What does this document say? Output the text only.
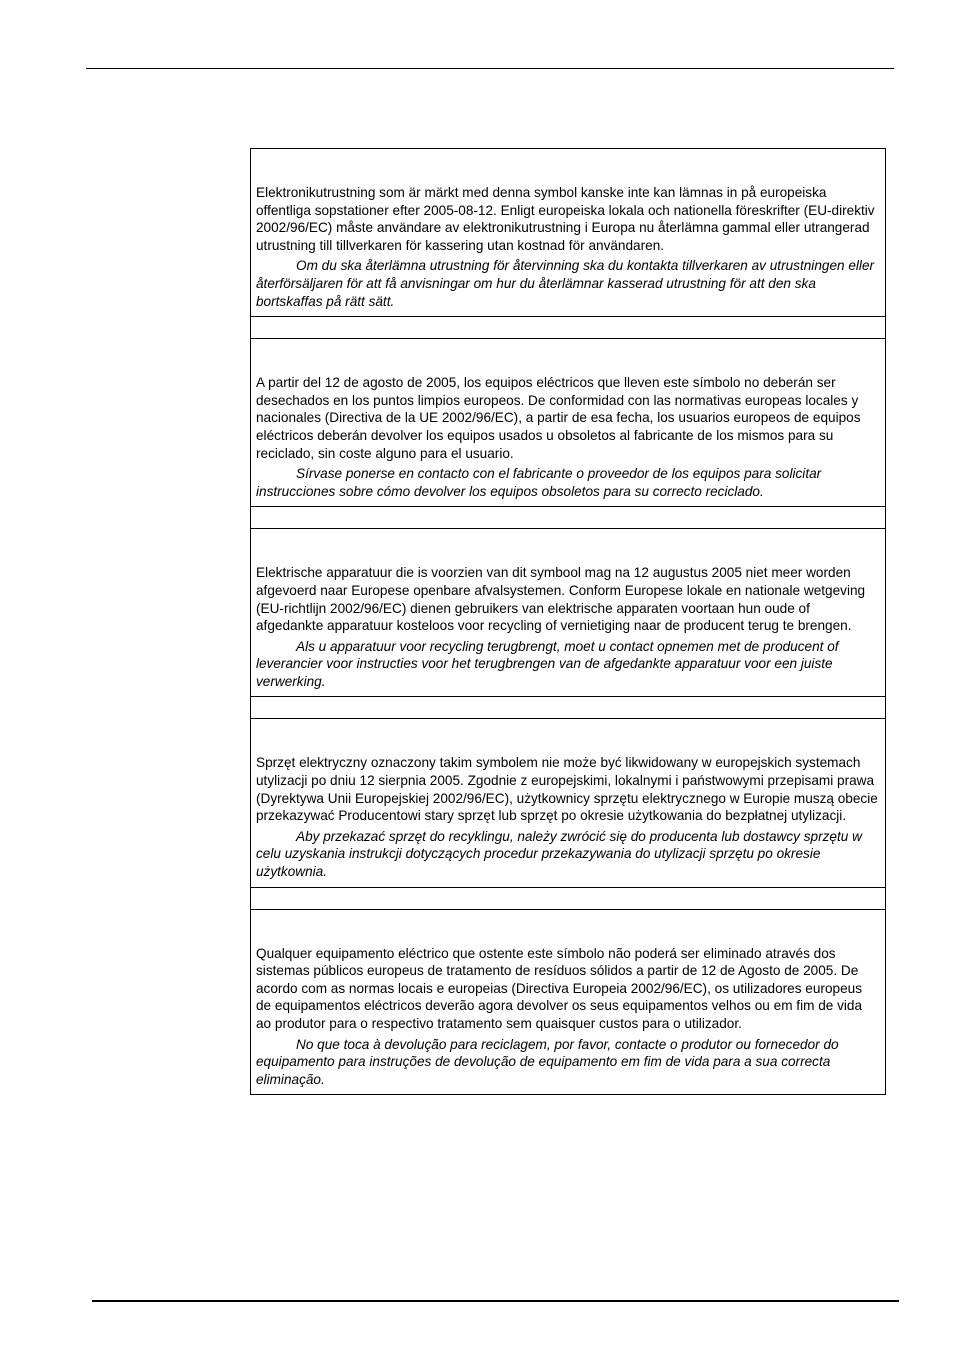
Elektronikutrustning som är märkt med denna symbol kanske inte kan lämnas in på europeiska offentliga sopstationer efter 2005-08-12. Enligt europeiska lokala och nationella föreskrifter (EU-direktiv 2002/96/EC) måste användare av elektronikutrustning i Europa nu återlämna gammal eller utrangerad utrustning till tillverkaren för kassering utan kostnad för användaren.

Om du ska återlämna utrustning för återvinning ska du kontakta tillverkaren av utrustningen eller återförsäljaren för att få anvisningar om hur du återlämnar kasserad utrustning för att den ska bortskaffas på rätt sätt.

A partir del 12 de agosto de 2005, los equipos eléctricos que lleven este símbolo no deberán ser desechados en los puntos limpios europeos. De conformidad con las normativas europeas locales y nacionales (Directiva de la UE 2002/96/EC), a partir de esa fecha, los usuarios europeos de equipos eléctricos deberán devolver los equipos usados u obsoletos al fabricante de los mismos para su reciclado, sin coste alguno para el usuario.

Sírvase ponerse en contacto con el fabricante o proveedor de los equipos para solicitar instrucciones sobre cómo devolver los equipos obsoletos para su correcto reciclado.

Elektrische apparatuur die is voorzien van dit symbool mag na 12 augustus 2005 niet meer worden afgevoerd naar Europese openbare afvalsystemen. Conform Europese lokale en nationale wetgeving (EU-richtlijn 2002/96/EC) dienen gebruikers van elektrische apparaten voortaan hun oude of afgedankte apparatuur kosteloos voor recycling of vernietiging naar de producent terug te brengen.

Als u apparatuur voor recycling terugbrengt, moet u contact opnemen met de producent of leverancier voor instructies voor het terugbrengen van de afgedankte apparatuur voor een juiste verwerking.

Sprzęt elektryczny oznaczony takim symbolem nie może być likwidowany w europejskich systemach utylizacji po dniu 12 sierpnia 2005. Zgodnie z europejskimi, lokalnymi i państwowymi przepisami prawa (Dyrektywa Unii Europejskiej 2002/96/EC), użytkownicy sprzętu elektrycznego w Europie muszą obecie przekazywać Producentowi stary sprzęt lub sprzęt po okresie użytkowania do bezpłatnej utylizacji.

Aby przekazać sprzęt do recyklingu, należy zwrócić się do producenta lub dostawcy sprzętu w celu uzyskania instrukcji dotyczących procedur przekazywania do utylizacji sprzętu po okresie użytkownia.

Qualquer equipamento eléctrico que ostente este símbolo não poderá ser eliminado através dos sistemas públicos europeus de tratamento de resíduos sólidos a partir de 12 de Agosto de 2005. De acordo com as normas locais e europeias (Directiva Europeia 2002/96/EC), os utilizadores europeus de equipamentos eléctricos deverão agora devolver os seus equipamentos velhos ou em fim de vida ao produtor para o respectivo tratamento sem quaisquer custos para o utilizador.

No que toca à devolução para reciclagem, por favor, contacte o produtor ou fornecedor do equipamento para instruções de devolução de equipamento em fim de vida para a sua correcta eliminação.
